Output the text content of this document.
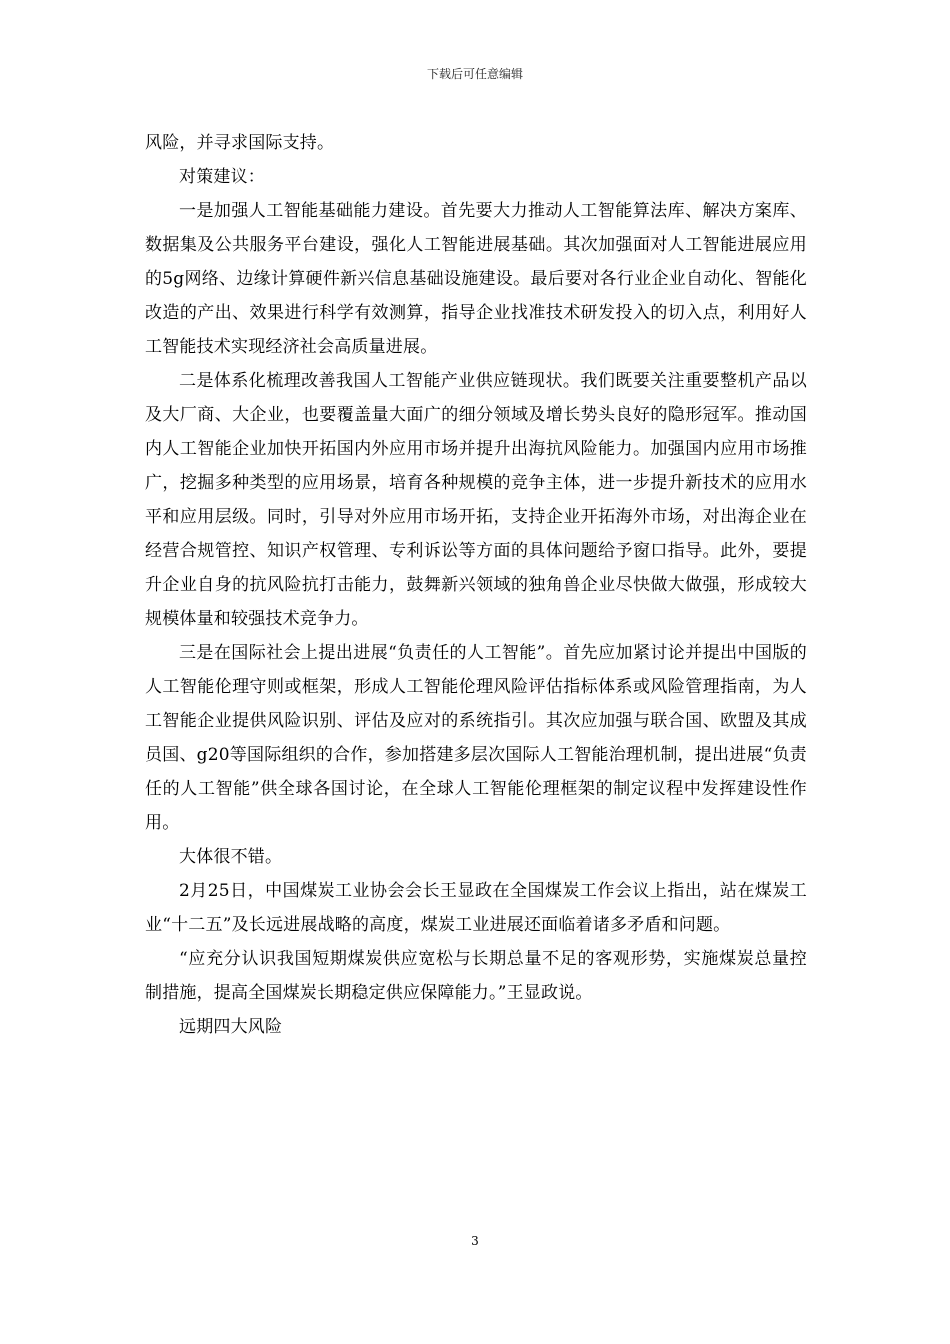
下载后可任意编辑

风险，并寻求国际支持。

对策建议：

一是加强人工智能基础能力建设。首先要大力推动人工智能算法库、解决方案库、数据集及公共服务平台建设，强化人工智能进展基础。其次加强面对人工智能进展应用的5g网络、边缘计算硬件新兴信息基础设施建设。最后要对各行业企业自动化、智能化改造的产出、效果进行科学有效测算，指导企业找准技术研发投入的切入点，利用好人工智能技术实现经济社会高质量进展。

二是体系化梳理改善我国人工智能产业供应链现状。我们既要关注重要整机产品以及大厂商、大企业，也要覆盖量大面广的细分领域及增长势头良好的隐形冠军。推动国内人工智能企业加快开拓国内外应用市场并提升出海抗风险能力。加强国内应用市场推广，挖掘多种类型的应用场景，培育各种规模的竞争主体，进一步提升新技术的应用水平和应用层级。同时，引导对外应用市场开拓，支持企业开拓海外市场，对出海企业在经营合规管控、知识产权管理、专利诉讼等方面的具体问题给予窗口指导。此外，要提升企业自身的抗风险抗打击能力，鼓舞新兴领域的独角兽企业尽快做大做强，形成较大规模体量和较强技术竞争力。

三是在国际社会上提出进展“负责任的人工智能”。首先应加紧讨论并提出中国版的人工智能伦理守则或框架，形成人工智能伦理风险评估指标体系或风险管理指南，为人工智能企业提供风险识别、评估及应对的系统指引。其次应加强与联合国、欧盟及其成员国、g20等国际组织的合作，参加搭建多层次国际人工智能治理机制，提出进展“负责任的人工智能”供全球各国讨论，在全球人工智能伦理框架的制定议程中发挥建设性作用。

大体很不错。

2月25日，中国煤炭工业协会会长王显政在全国煤炭工作会议上指出，站在煤炭工业“十二五”及长远进展战略的高度，煤炭工业进展还面临着诸多矛盾和问题。

“应充分认识我国短期煤炭供应宽松与长期总量不足的客观形势，实施煤炭总量控制措施，提高全国煤炭长期稳定供应保障能力。”王显政说。

远期四大风险

3
